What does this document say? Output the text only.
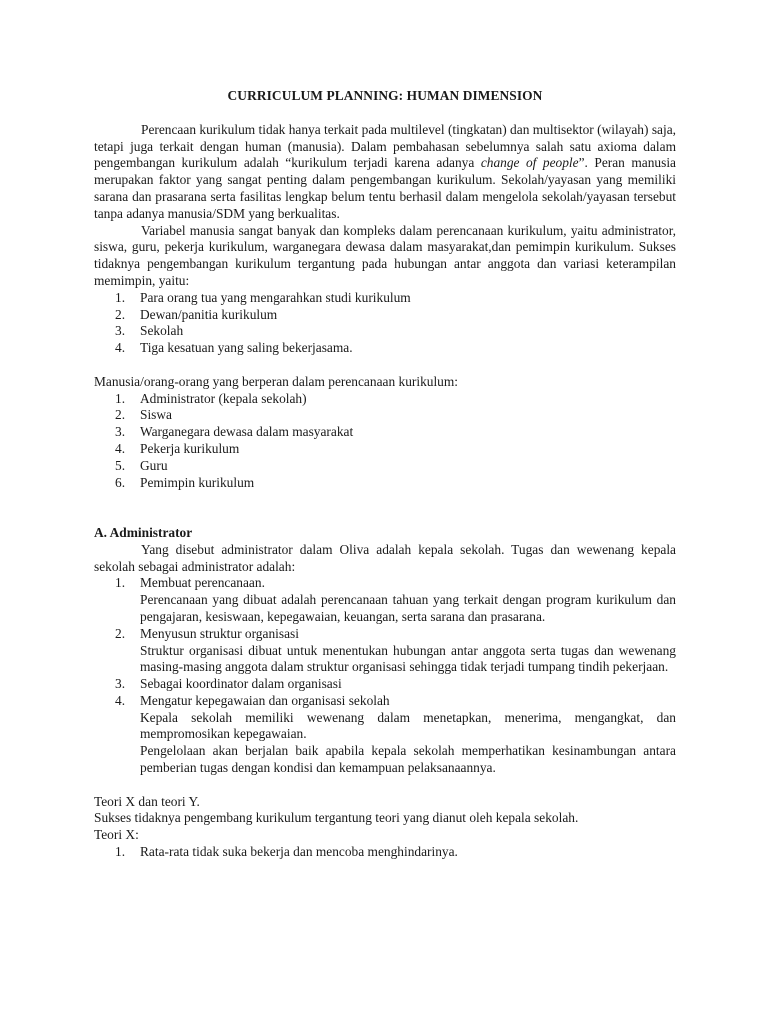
CURRICULUM PLANNING: HUMAN DIMENSION

Perencaan kurikulum tidak hanya terkait pada multilevel (tingkatan) dan multisektor (wilayah) saja, tetapi juga terkait dengan human (manusia). Dalam pembahasan sebelumnya salah satu axioma dalam pengembangan kurikulum adalah “kurikulum terjadi karena adanya change of people”. Peran manusia merupakan faktor yang sangat penting dalam pengembangan kurikulum. Sekolah/yayasan yang memiliki sarana dan prasarana serta fasilitas lengkap belum tentu berhasil dalam mengelola sekolah/yayasan tersebut tanpa adanya manusia/SDM yang berkualitas.

Variabel manusia sangat banyak dan kompleks dalam perencanaan kurikulum, yaitu administrator, siswa, guru, pekerja kurikulum, warganegara dewasa dalam masyarakat,dan pemimpin kurikulum. Sukses tidaknya pengembangan kurikulum tergantung pada hubungan antar anggota dan variasi keterampilan memimpin, yaitu:

1. Para orang tua yang mengarahkan studi kurikulum
2. Dewan/panitia kurikulum
3. Sekolah
4. Tiga kesatuan yang saling bekerjasama.

Manusia/orang-orang yang berperan dalam perencanaan kurikulum:

1. Administrator (kepala sekolah)
2. Siswa
3. Warganegara dewasa dalam masyarakat
4. Pekerja kurikulum
5. Guru
6. Pemimpin kurikulum
A. Administrator

Yang disebut administrator dalam Oliva adalah kepala sekolah. Tugas dan wewenang kepala sekolah sebagai administrator adalah:

1. Membuat perencanaan.
Perencanaan yang dibuat adalah perencanaan tahuan yang terkait dengan program kurikulum dan pengajaran, kesiswaan, kepegawaian, keuangan, serta sarana dan prasarana.
2. Menyusun struktur organisasi
Struktur organisasi dibuat untuk menentukan hubungan antar anggota serta tugas dan wewenang masing-masing anggota dalam struktur organisasi sehingga tidak terjadi tumpang tindih pekerjaan.
3. Sebagai koordinator dalam organisasi
4. Mengatur kepegawaian dan organisasi sekolah
Kepala sekolah memiliki wewenang dalam menetapkan, menerima, mengangkat, dan mempromosikan kepegawaian.
Pengelolaan akan berjalan baik apabila kepala sekolah memperhatikan kesinambungan antara pemberian tugas dengan kondisi dan kemampuan pelaksanaannya.

Teori X dan teori Y.

Sukses tidaknya pengembang kurikulum tergantung teori yang dianut oleh kepala sekolah.

Teori X:

1. Rata-rata tidak suka bekerja dan mencoba menghindarinya.
